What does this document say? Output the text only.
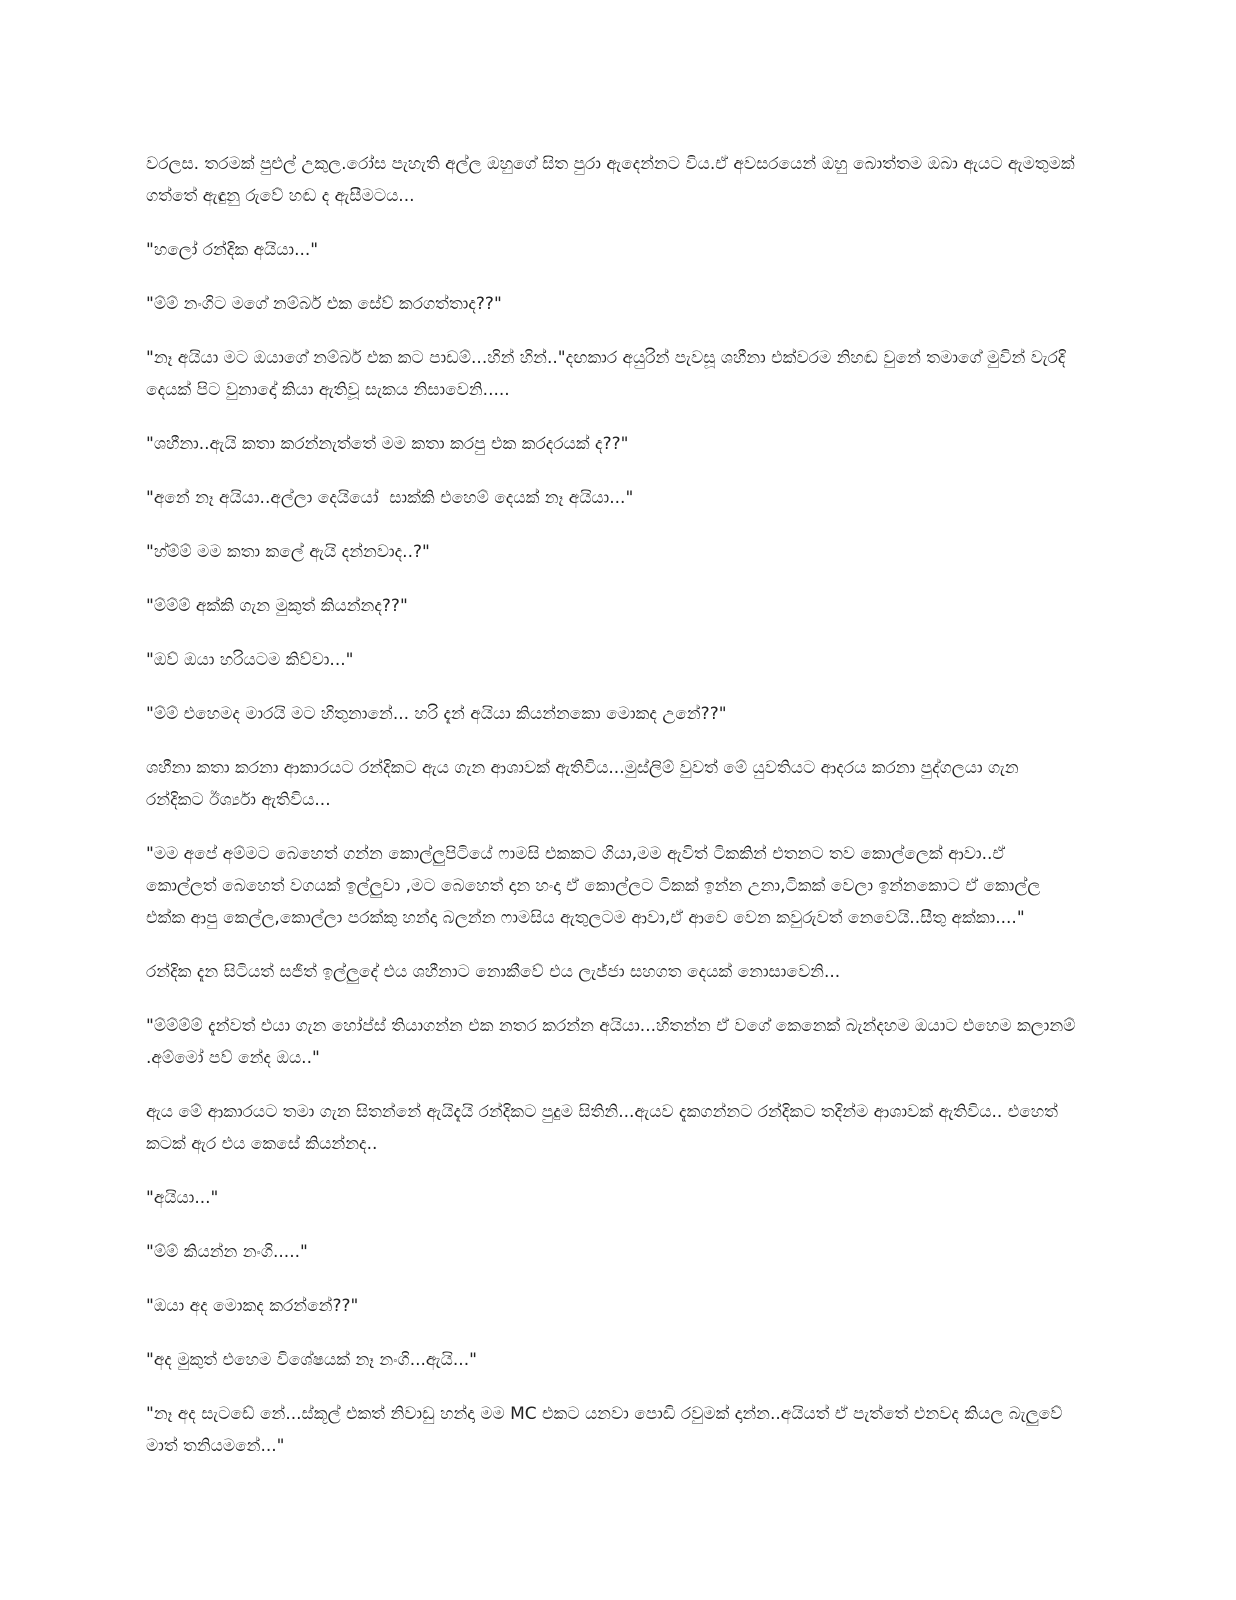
වරලස. තරමක් පුළුල් උකුල.රෝස පැහැති අල්ල ඔහුගේ සිත පුරා ඇදෙන්නට විය.ඒ අවසරයෙන් ඔහු බොත්තම ඔබා ඇයට ඇමතුමක් ගත්තේ ඇඳුනු රුවේ හඬ ද ඇසීමටය...

"හලෝ රන්දික අයියා..."

"ම්ම් නංගිට මගේ නම්බර් එක සේව් කරගත්තාද??"

"නෑ අයියා මට ඔයාගේ නම්බර් එක කට පාඩම්...හින් හින්.."දඟකාර අයුරින් පැවසූ ශහීනා එක්වරම නිහඬ වුනේ තමාගේ මුවින් වැරදි දෙයක් පිට වුනාදෝ කියා ඇතිවූ සැකය නිසාවෙනි.....

"ශහීනා..ඇයි කතා කරන්නැත්තේ මම කතා කරපු එක කරදරයක් ද??"

"අනේ නෑ අයියා..අල්ලා දෙයියෝ  සාක්කි එහෙම් දෙයක් නෑ අයියා..."

"හ්ම්ම් මම කතා කලේ ඇයි දන්නවාද..?"

"ම්ම්ම් අක්කි ගැන මුකුත් කියන්නද??"

"ඔව් ඔයා හරියටම කිව්වා..."

"ම්ම් එහෙමද මාරයි මට හිතුනානේ... හරි දැන් අයියා කියන්නකො මොකද උනේ??"

ශහීනා කතා කරනා ආකාරයට රන්දිකට ඇය ගැන ආශාවක් ඇතිවිය...මුස්ලිම් වුවත් මේ යුවතියට ආදරය කරනා පුද්ගලයා ගැන රන්දිකට ඊර්ශ්‍යා ඇතිවිය...

"මම අපේ අම්මට බෙහෙත් ගන්න කොල්ලුපිටියේ ෆාමසි එකකට ගියා,මම ඇවිත් ටිකකින් එතනට තව කොල්ලෙක් ආවා..ඒ කොල්ලත් බෙහෙත් වගයක් ඉල්ලුවා ,මට බෙහෙත් දාන හංදා ඒ කොල්ලට ටිකක් ඉන්න උනා,ටිකක් වෙලා ඉන්නකොට ඒ කොල්ල එක්ක ආපු කෙල්ල,කොල්ලා පරක්කු හන්දා බලන්න ෆාමසිය ඇතුලටම ආවා,ඒ ආවෙ වෙන කවුරුවත් නෙවෙයි..සීතු අක්කා...."

රන්දික දැන සිටියත් සජිත් ඉල්ලුදේ එය ශහීනාට නොකීවේ එය ලැජ්ජා සහගත දෙයක් නොසාවෙනි...

"ම්ම්ම්ම් දැන්වත් එයා ගැන හෝප්ස් තියාගන්න එක නතර කරන්න අයියා...හිතන්න ඒ වගේ කෙනෙක් බැන්දහම ඔයාට එහෙම කලානම් .අම්මෝ පව් නේද ඔය.."

ඇය මේ ආකාරයට තමා ගැන සිතන්නේ ඇයිදැයි රන්දිකට පුදුම සිතිනි...ඇයව දැකගන්නට රන්දිකට තදින්ම ආශාවක් ඇතිවිය.. එහෙත් කටක් ඇර එය කෙසේ කියන්නද..

"අයියා..."

"ම්ම් කියන්න නංගි....."

"ඔයා අද මොකද කරන්නේ??"

"අද මුකුත් එහෙම විශේෂයක් නෑ නංගි...ඇයි..."

"නෑ අද සැටඩේ නේ...ස්කූල් එකත් නිවාඩු හන්දා මම MC එකට යනවා පොඩි රවුමක් දාන්න..අයියත් ඒ පැත්තේ එනවද කියල බැලුවේ මාත් තනියමනේ..."
